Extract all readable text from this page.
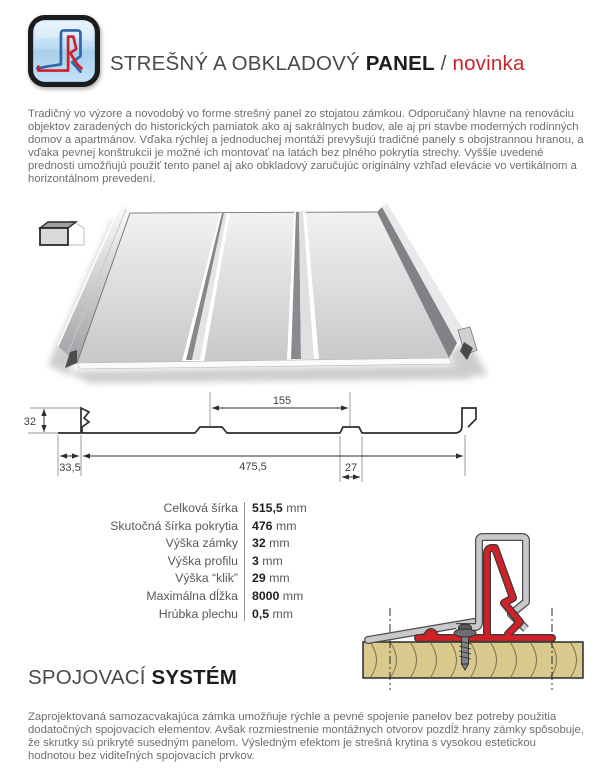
STREŠNÝ A OBKLADOVÝ PANEL / novinka

Tradičný vo výzore a novodobý vo forme strešný panel zo stojatou zámkou. Odporučaný hlavne na renováciu objektov zaradených do historických pamiatok ako aj sakrálnych budov, ale aj pri stavbe moderných rodinných domov a apartmánov. Vďaka rýchlej a jednoduchej montáži prevyšujú tradičné panely s obojstrannou hranou, a vďaka pevnej konštrukcii je možné ich montovať na latách bez plného pokrytia strechy. Vyššie uvedené prednosti umožňujú použiť tento panel aj ako obkladový zaručujúc originálny vzhľad elevácie vo vertikálnom a horizontálnom prevedení.

32
155
33,5	475,5	27
Celková šírka
Skutočná šírka pokrytia
Výška zámky
Výška profilu
Výška “klik”
Maximálna dĺžka
Hrúbka plechu
515,5 mm
476 mm
32 mm
3 mm
29 mm
8000 mm
0,5 mm
SPOJOVACÍ SYSTÉM

Zaprojektovaná samozacvakajúca zámka umožňuje rýchle a pevné spojenie panelov bez potreby použitia dodatočných spojovacích elementov. Avšak rozmiestnenie montážnych otvorov pozdĺž hrany zámky spôsobuje, že skrutky sú prikryté susedným panelom. Výsledným efektom je strešná krytina s vysokou estetickou hodnotou bez viditeľných spojovacích prvkov.
